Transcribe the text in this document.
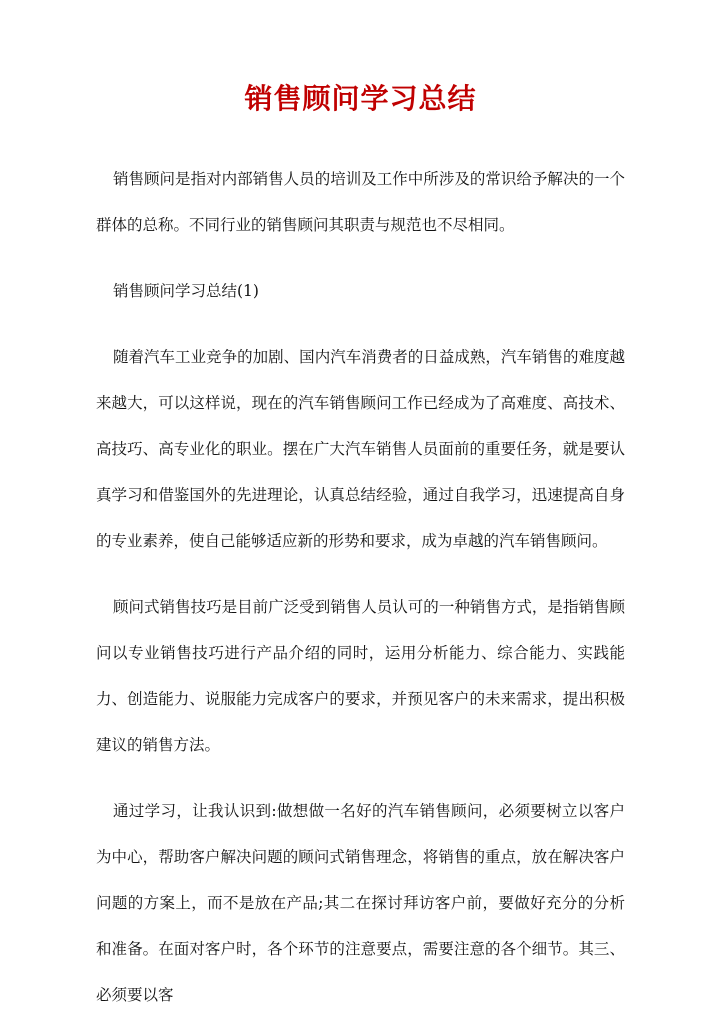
销售顾问学习总结

销售顾问是指对内部销售人员的培训及工作中所涉及的常识给予解决的一个群体的总称。不同行业的销售顾问其职责与规范也不尽相同。

销售顾问学习总结(1)

随着汽车工业竞争的加剧、国内汽车消费者的日益成熟，汽车销售的难度越来越大，可以这样说，现在的汽车销售顾问工作已经成为了高难度、高技术、高技巧、高专业化的职业。摆在广大汽车销售人员面前的重要任务，就是要认真学习和借鉴国外的先进理论，认真总结经验，通过自我学习，迅速提高自身的专业素养，使自己能够适应新的形势和要求，成为卓越的汽车销售顾问。

顾问式销售技巧是目前广泛受到销售人员认可的一种销售方式，是指销售顾问以专业销售技巧进行产品介绍的同时，运用分析能力、综合能力、实践能力、创造能力、说服能力完成客户的要求，并预见客户的未来需求，提出积极建议的销售方法。

通过学习，让我认识到:做想做一名好的汽车销售顾问，必须要树立以客户为中心，帮助客户解决问题的顾问式销售理念，将销售的重点，放在解决客户问题的方案上，而不是放在产品;其二在探讨拜访客户前，要做好充分的分析和准备。在面对客户时，各个环节的注意要点，需要注意的各个细节。其三、必须要以客
